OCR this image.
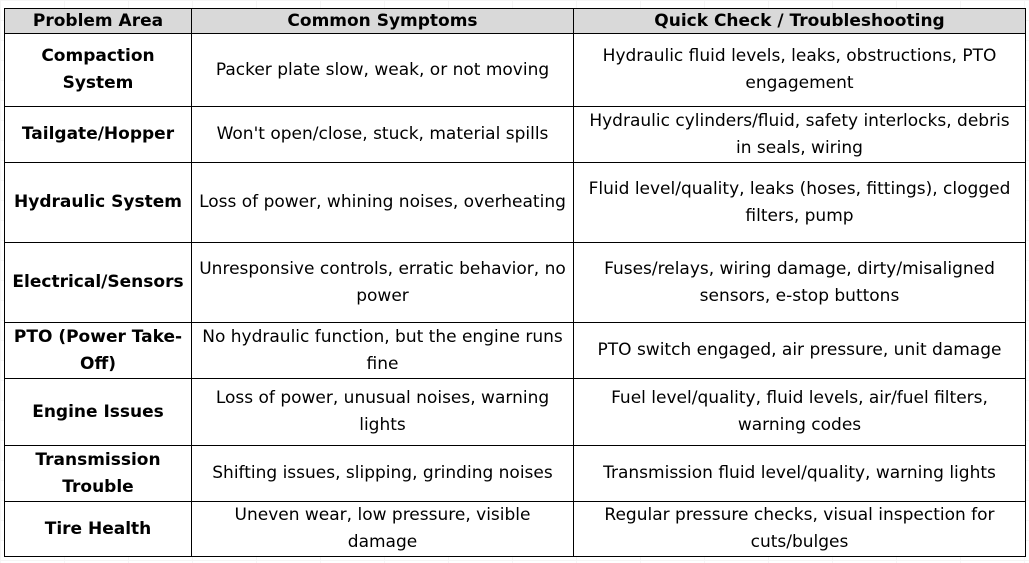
Problem Area	Common Symptoms	Quick Check / Troubleshooting
Compaction System	Packer plate slow, weak, or not moving	Hydraulic fluid levels, leaks, obstructions, PTO engagement
Tailgate/Hopper	Won't open/close, stuck, material spills	Hydraulic cylinders/fluid, safety interlocks, debris in seals, wiring
Hydraulic System	Loss of power, whining noises, overheating	Fluid level/quality, leaks (hoses, fittings), clogged filters, pump
Electrical/Sensors	Unresponsive controls, erratic behavior, no power	Fuses/relays, wiring damage, dirty/misaligned sensors, e-stop buttons
PTO (Power Take-Off)	No hydraulic function, but the engine runs fine	PTO switch engaged, air pressure, unit damage
Engine Issues	Loss of power, unusual noises, warning lights	Fuel level/quality, fluid levels, air/fuel filters, warning codes
Transmission Trouble	Shifting issues, slipping, grinding noises	Transmission fluid level/quality, warning lights
Tire Health	Uneven wear, low pressure, visible damage	Regular pressure checks, visual inspection for cuts/bulges
